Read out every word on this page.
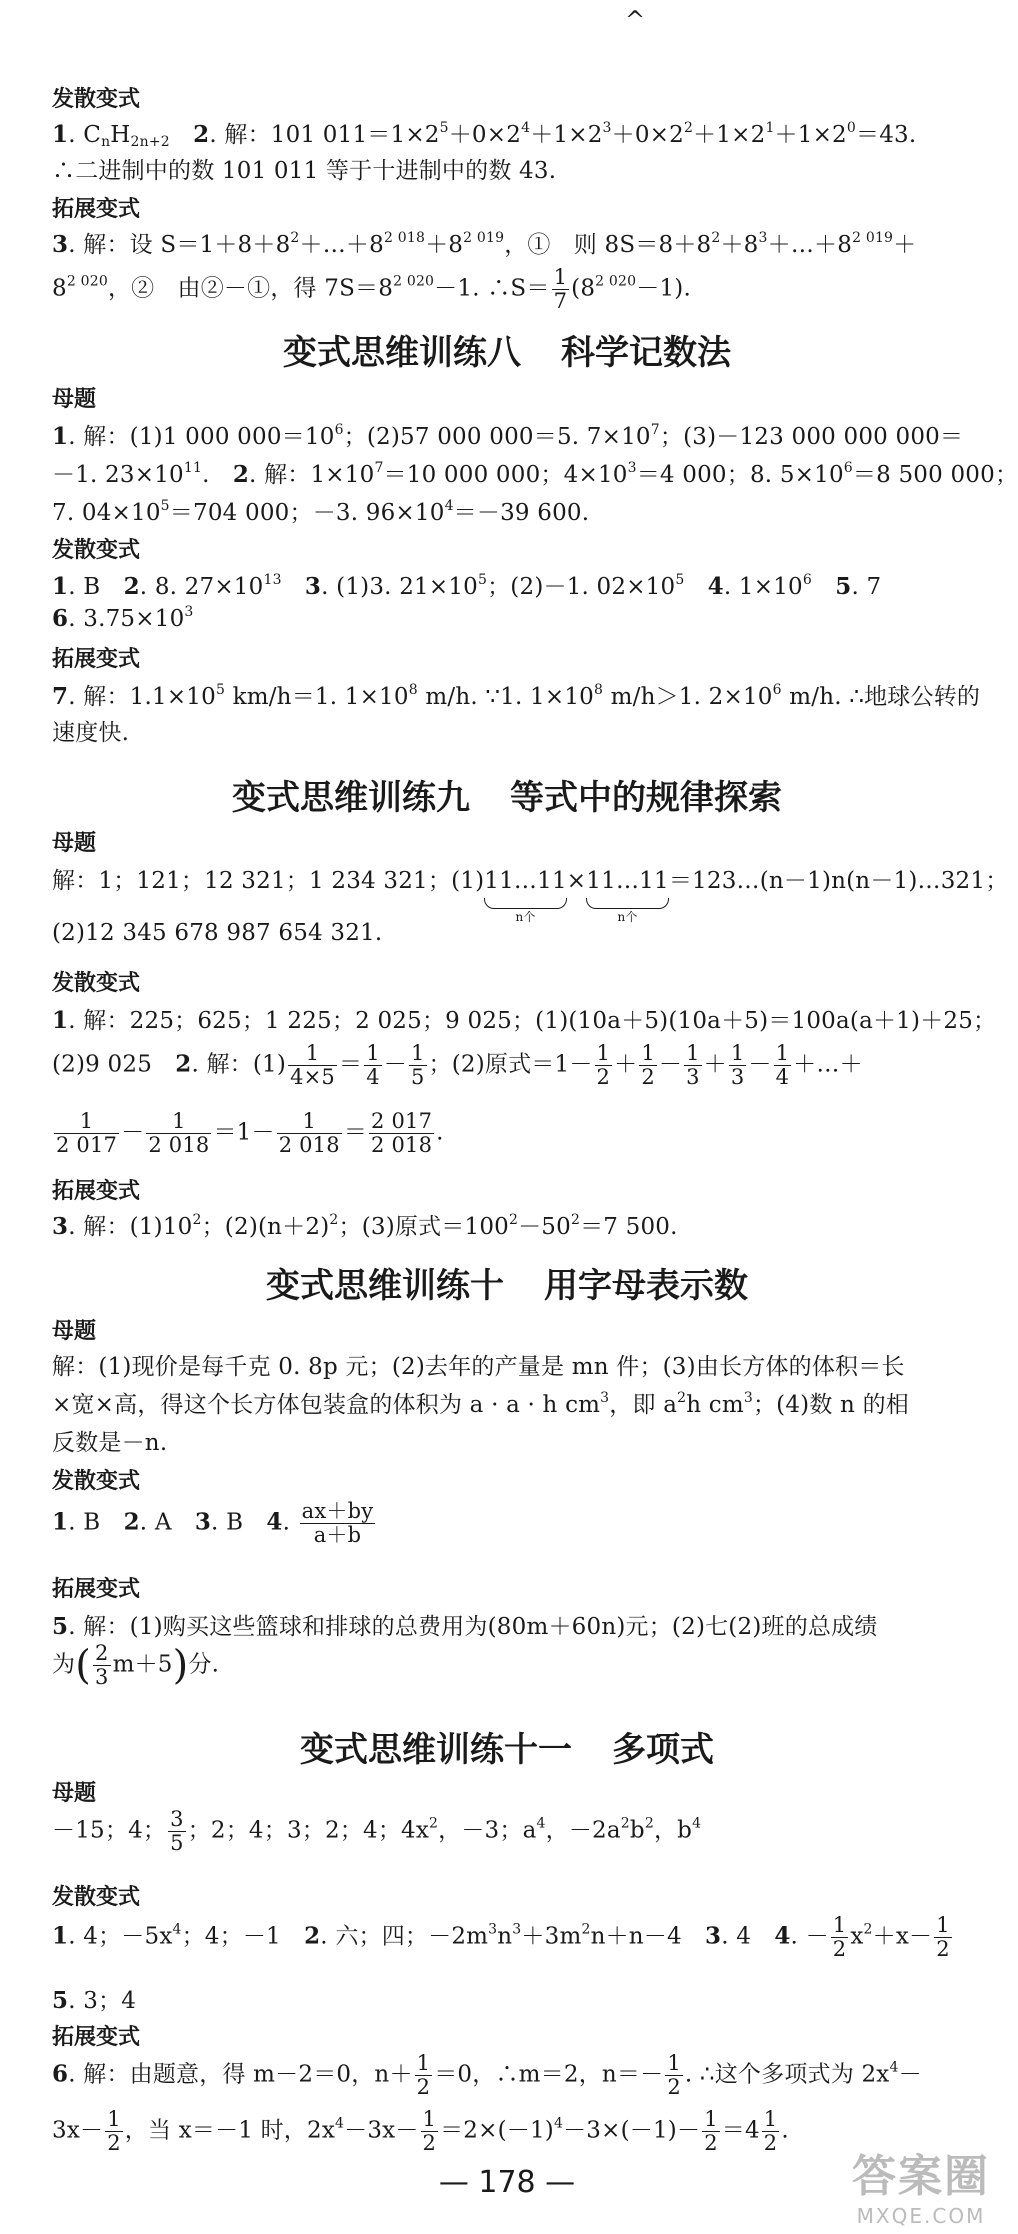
^
发散变式
1. $C_nH_{2n+2}$　 2. 解：101 $011=1\times 2^5+0\times 2^4+1\times 2^3+0\times 2^2+1\times 2^1+1\times 2^0=43$.
∴二进制中的数 101 011 等于十进制中的数 43.
拓展变式
3. 解：设 $S=1+8+8^2+\dots+8^{2 018}+8^{2 019}$，①　则 $8S=8+8^2+8^3+\dots+8^{2 019}+$
$8^{2 020}$，②　由②－①，得 $7S=8^{2 020}-1$. ∴S＝ $\frac{1}{7} (8^{2 020}-1)$.
变式思维训练八 科学记数法
母题
1. 解：(1)1 000 $000=10^6$；(2)57 000 000＝5. $7\times 10^7$；(3)－123 000 000 000＝
－1. $23\times 10^{11}$.　2. 解：$1\times 10^7=10$ 000 000；$4\times 10^3=4$ 000；8. $5\times 10^6=8$ 500 000；
7. $04\times 10^5=704$ 000；－3. $96\times 10^4=-39$ 600.
发散变式
1. B　2. 8. $27\times 10^{13}$　 3. (1)3. $21\times 10^5$；(2)－1. $02\times 10^5$　 4. $1\times 10^6$　 5. 7
6. $3.75\times 10^3$
拓展变式
7. 解：$1.1\times 10^5$ km/h＝1. $1\times 10^8$ m/h. ∵1. $1\times 10^8$ m/h＞1. $2\times 10^6$ m/h. ∴地球公转的
速度快.
变式思维训练九 等式中的规律探索
母题
解：1；121；12 321；1 234 321；(1)11…11
n个
×11…11
n个
＝123…(n－1)n(n－1)…321；
(2)12 345 678 987 654 321.
发散变式
1. 解：225；625；1 225；2 025；9 025；(1)(10a＋5)(10a＋5)＝100a(a＋1)＋25；
(2)9 025　2. 解：$(1) \frac{1}{4\times 5} = \frac{1}{4} - \frac{1}{5}$ ；(2)原式$=1- \frac{1}{2} + \frac{1}{2} - \frac{1}{3} + \frac{1}{3} - \frac{1}{4}$ ＋…＋
$\frac{1}{2 017} - \frac{1}{2 018} =1- \frac{1}{2 018} = \frac{2 017}{2 018}$ .
拓展变式
3. 解：$(1)10^2$；$(2)(n+2)^2$；(3)原式$=100^2-50^2=7$ 500.
变式思维训练十 用字母表示数
母题
解：(1)现价是每千克 0. 8p 元；(2)去年的产量是 mn 件；(3)由长方体的体积＝长
×宽×高，得这个长方体包装盒的体积为 a · a · h $cm^3$，即 $a^2h$ $cm^3$；(4)数 n 的相
反数是－n.
发散变式
1. B　2. A　3. B　4. $\frac{ax+by}{a+b}$
拓展变式
5. 解：(1)购买这些篮球和排球的总费用为(80m＋60n)元；(2)七(2)班的总成绩
为( $\frac{2}{3} m+5$)分.
变式思维训练十一 多项式
母题
－15；4； $\frac{3}{5}$ ；2；4；3；2；4；$4x^2$，－3；$a^4$，$-2a^2b^2$，$b^4$
发散变式
1. 4；$-5x^4$；4；－1　2. 六；四；$-2m^3n^3+3m^2n+n-4$　3. 4　4. － $\frac{1}{2} x^2+x- \frac{1}{2}$
5. 3；4
拓展变式
6. 解：由题意，得 m－2＝0，$n+ \frac{1}{2} =0$，∴m＝2，$n=- \frac{1}{2}$ . ∴这个多项式为 $2x^4-$
$3x- \frac{1}{2}$ ，当 x＝－1 时，$2x^4-3x- \frac{1}{2} =2\times(-1)^4-3\times(-1)- \frac{1}{2} =4 \frac{1}{2}$ .
— 178 —	答案圈
MXQE.COM
